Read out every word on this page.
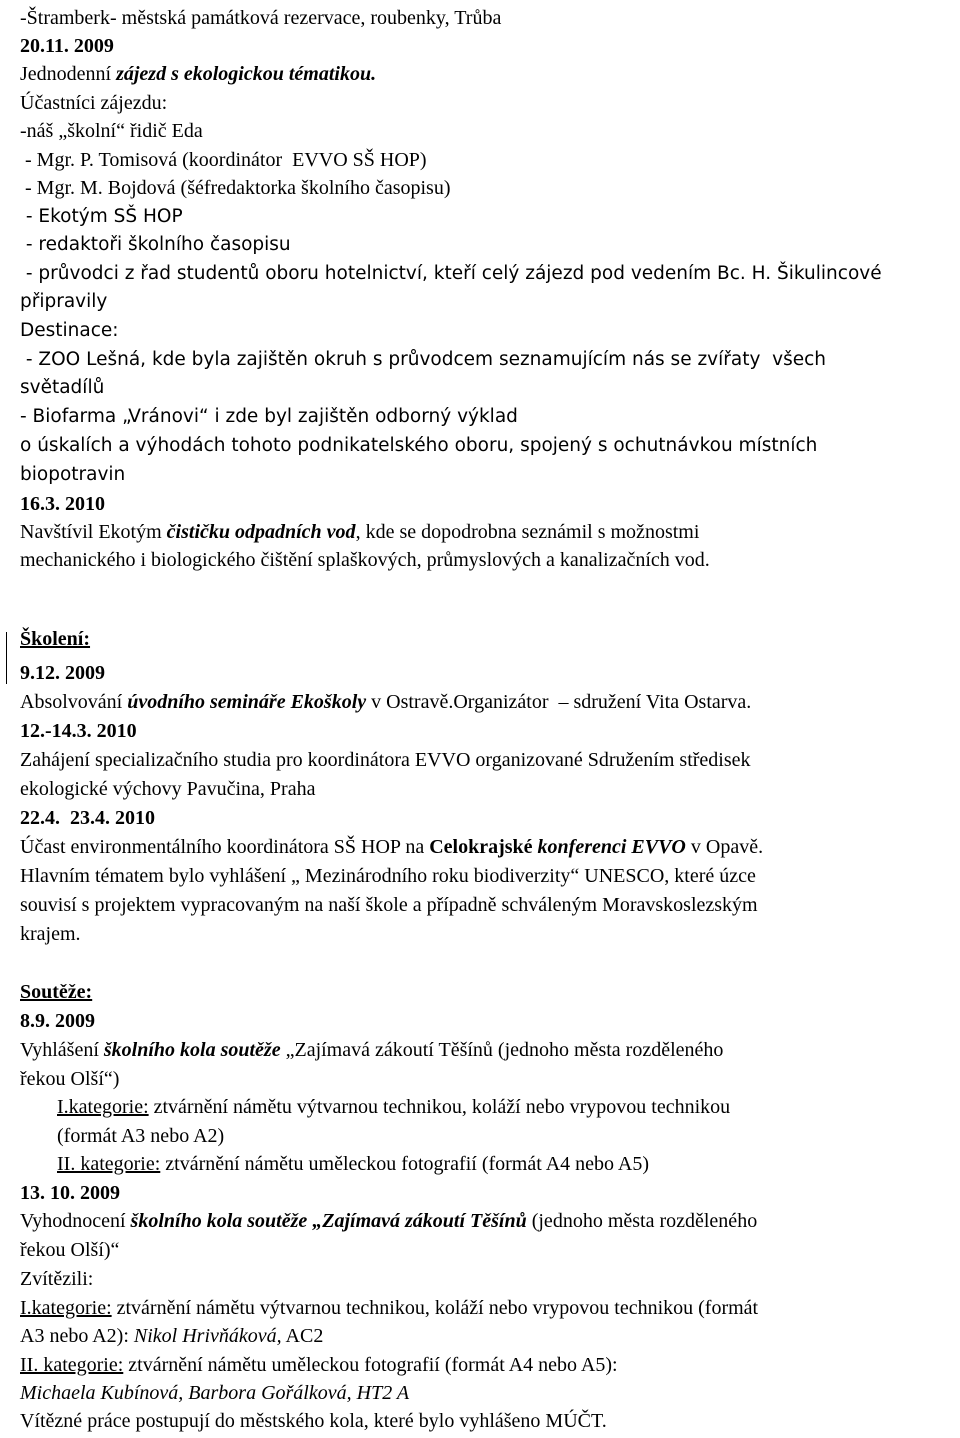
-Štramberk- městská památková rezervace, roubenky, Trůba
20.11. 2009
Jednodenní zájezd s ekologickou tématikou.
Účastníci zájezdu:
-náš „školní“ řidič Eda
- Mgr. P. Tomisová (koordinátor  EVVO SŠ HOP)
- Mgr. M. Bojdová (šéfredaktorka školního časopisu)
- Ekotým SŠ HOP
- redaktoři školního časopisu
- průvodci z řad studentů oboru hotelnictví, kteří celý zájezd pod vedením Bc. H. Šikulincové
připravily
Destinace:
- ZOO Lešná, kde byla zajištěn okruh s průvodcem seznamujícím nás se zvířaty  všech
světadílů
- Biofarma „Vránovi“ i zde byl zajištěn odborný výklad
o úskalích a výhodách tohoto podnikatelského oboru, spojený s ochutnávkou místních
biopotravin
16.3. 2010
Navštívil Ekotým čističku odpadních vod, kde se dopodrobna seznámil s možnostmi
mechanického i biologického čištění splaškových, průmyslových a kanalizačních vod.
Školení:
9.12. 2009
Absolvování úvodního semináře Ekoškoly v Ostravě.Organizátor  – sdružení Vita Ostarva.
12.-14.3. 2010
Zahájení specializačního studia pro koordinátora EVVO organizované Sdružením středisek
ekologické výchovy Pavučina, Praha
22.4.  23.4. 2010
Účast environmentálního koordinátora SŠ HOP na Celokrajské konferenci EVVO v Opavě.
Hlavním tématem bylo vyhlášení „ Mezinárodního roku biodiverzity“ UNESCO, které úzce
souvisí s projektem vypracovaným na naší škole a případně schváleným Moravskoslezským
krajem.
Soutěže:
8.9. 2009
Vyhlášení školního kola soutěže „Zajímavá zákoutí Těšínů (jednoho města rozděleného
řekou Olší“)
I.kategorie: ztvárnění námětu výtvarnou technikou, koláží nebo vrypovou technikou
(formát A3 nebo A2)
II. kategorie: ztvárnění námětu uměleckou fotografií (formát A4 nebo A5)
13. 10. 2009
Vyhodnocení školního kola soutěže „Zajímavá zákoutí Těšínů (jednoho města rozděleného
řekou Olší)“
Zvítězili:
I.kategorie: ztvárnění námětu výtvarnou technikou, koláží nebo vrypovou technikou (formát
A3 nebo A2): Nikol Hrivňáková, AC2
II. kategorie: ztvárnění námětu uměleckou fotografií (formát A4 nebo A5):
Michaela Kubínová, Barbora Gořálková, HT2 A
Vítězné práce postupují do městského kola, které bylo vyhlášeno MÚČT.
